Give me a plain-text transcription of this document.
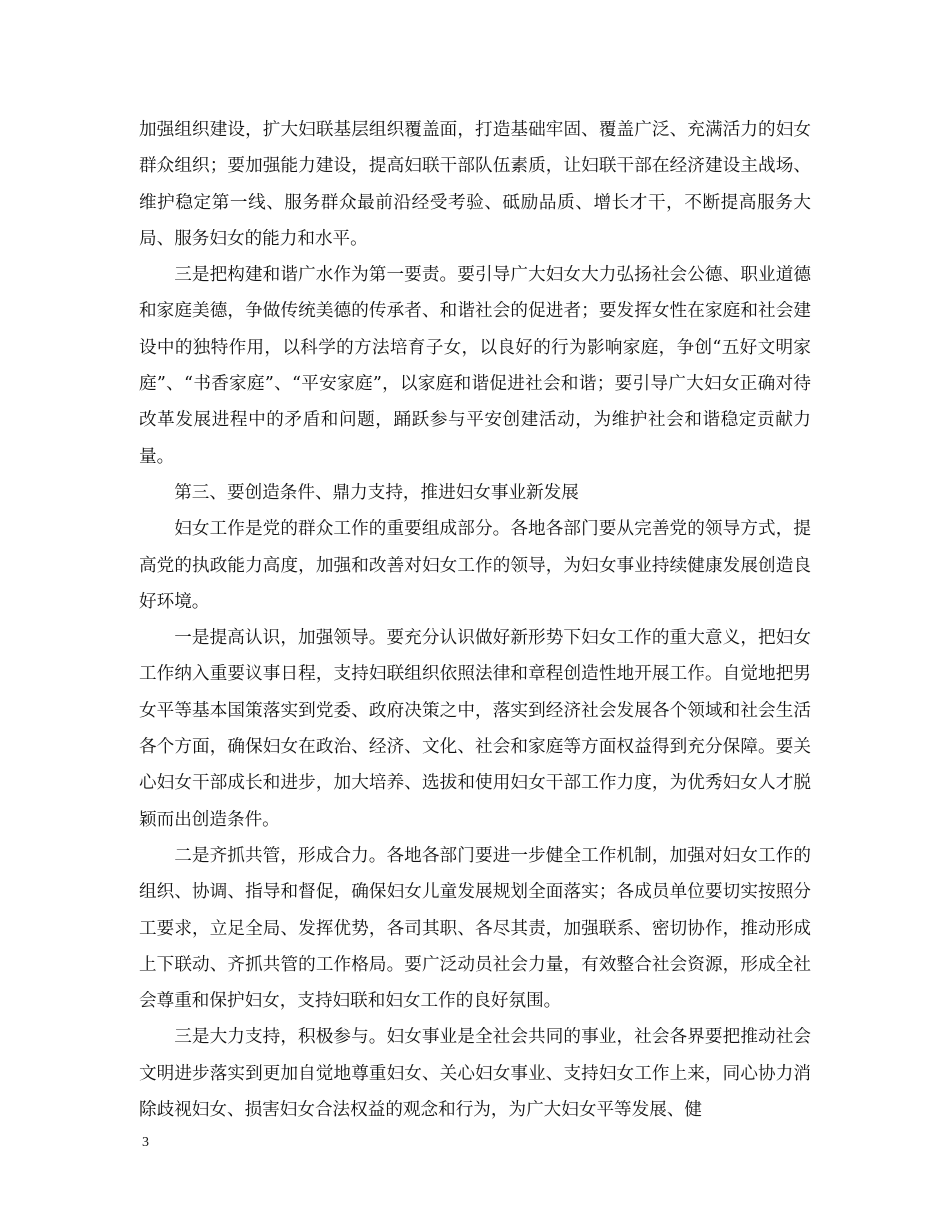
加强组织建设，扩大妇联基层组织覆盖面，打造基础牢固、覆盖广泛、充满活力的妇女群众组织；要加强能力建设，提高妇联干部队伍素质，让妇联干部在经济建设主战场、维护稳定第一线、服务群众最前沿经受考验、砥励品质、增长才干，不断提高服务大局、服务妇女的能力和水平。

三是把构建和谐广水作为第一要责。要引导广大妇女大力弘扬社会公德、职业道德和家庭美德，争做传统美德的传承者、和谐社会的促进者；要发挥女性在家庭和社会建设中的独特作用，以科学的方法培育子女，以良好的行为影响家庭，争创“五好文明家庭”、“书香家庭”、“平安家庭”，以家庭和谐促进社会和谐；要引导广大妇女正确对待改革发展进程中的矛盾和问题，踊跃参与平安创建活动，为维护社会和谐稳定贡献力量。

第三、要创造条件、鼎力支持，推进妇女事业新发展

妇女工作是党的群众工作的重要组成部分。各地各部门要从完善党的领导方式，提高党的执政能力高度，加强和改善对妇女工作的领导，为妇女事业持续健康发展创造良好环境。

一是提高认识，加强领导。要充分认识做好新形势下妇女工作的重大意义，把妇女工作纳入重要议事日程，支持妇联组织依照法律和章程创造性地开展工作。自觉地把男女平等基本国策落实到党委、政府决策之中，落实到经济社会发展各个领域和社会生活各个方面，确保妇女在政治、经济、文化、社会和家庭等方面权益得到充分保障。要关心妇女干部成长和进步，加大培养、选拔和使用妇女干部工作力度，为优秀妇女人才脱颖而出创造条件。

二是齐抓共管，形成合力。各地各部门要进一步健全工作机制，加强对妇女工作的组织、协调、指导和督促，确保妇女儿童发展规划全面落实；各成员单位要切实按照分工要求，立足全局、发挥优势，各司其职、各尽其责，加强联系、密切协作，推动形成上下联动、齐抓共管的工作格局。要广泛动员社会力量，有效整合社会资源，形成全社会尊重和保护妇女，支持妇联和妇女工作的良好氛围。

三是大力支持，积极参与。妇女事业是全社会共同的事业，社会各界要把推动社会文明进步落实到更加自觉地尊重妇女、关心妇女事业、支持妇女工作上来，同心协力消除歧视妇女、损害妇女合法权益的观念和行为，为广大妇女平等发展、健

3
